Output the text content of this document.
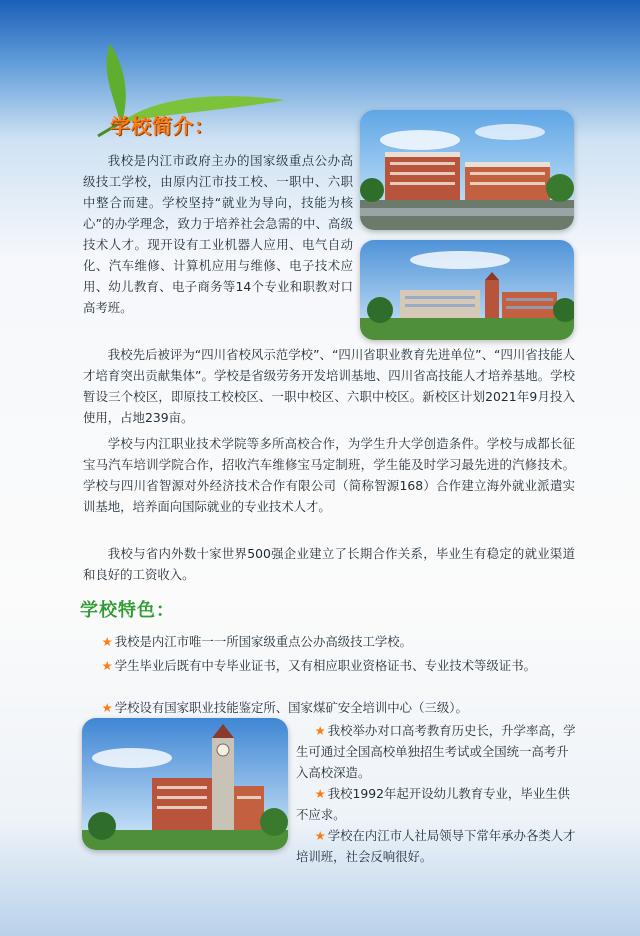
学校简介：

我校是内江市政府主办的国家级重点公办高级技工学校，由原内江市技工校、一职中、六职中整合而建。学校坚持“就业为导向，技能为核心”的办学理念，致力于培养社会急需的中、高级技术人才。现开设有工业机器人应用、电气自动化、汽车维修、计算机应用与维修、电子技术应用、幼儿教育、电子商务等14个专业和职教对口高考班。

我校先后被评为“四川省校风示范学校”、“四川省职业教育先进单位”、“四川省技能人才培育突出贡献集体”。学校是省级劳务开发培训基地、四川省高技能人才培养基地。学校暂设三个校区，即原技工校校区、一职中校区、六职中校区。新校区计划2021年9月投入使用，占地239亩。

学校与内江职业技术学院等多所高校合作，为学生升大学创造条件。学校与成都长征宝马汽车培训学院合作，招收汽车维修宝马定制班，学生能及时学习最先进的汽修技术。学校与四川省智源对外经济技术合作有限公司（简称智源168）合作建立海外就业派遣实训基地，培养面向国际就业的专业技术人才。

我校与省内外数十家世界500强企业建立了长期合作关系，毕业生有稳定的就业渠道和良好的工资收入。

学校特色：

★ 我校是内江市唯一一所国家级重点公办高级技工学校。

★ 学生毕业后既有中专毕业证书，又有相应职业资格证书、专业技术等级证书。

★ 学校设有国家职业技能鉴定所、国家煤矿安全培训中心（三级）。

★ 我校举办对口高考教育历史长，升学率高，学生可通过全国高校单独招生考试或全国统一高考升入高校深造。

★ 我校1992年起开设幼儿教育专业，毕业生供不应求。

★ 学校在内江市人社局领导下常年承办各类人才培训班，社会反响很好。
